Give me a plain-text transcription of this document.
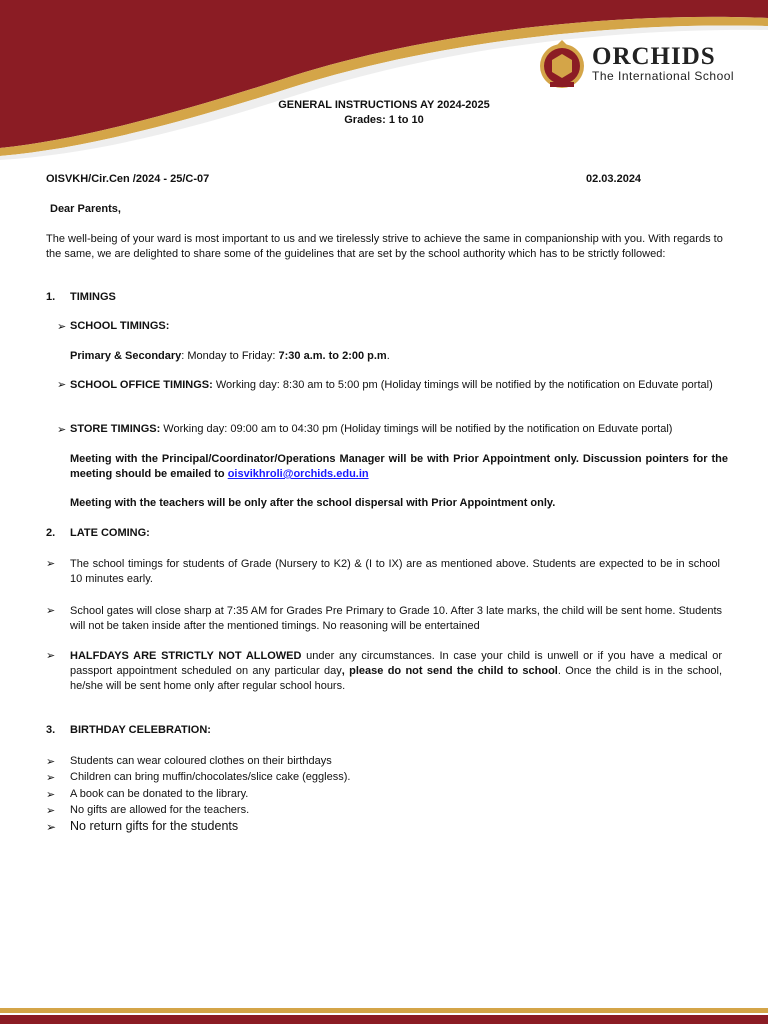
ORCHIDS
The International School
GENERAL INSTRUCTIONS AY 2024-2025
Grades: 1 to 10
OISVKH/Cir.Cen /2024 - 25/C-07	02.03.2024
Dear Parents,
The well-being of your ward is most important to us and we tirelessly strive to achieve the same in companionship with you. With regards to the same, we are delighted to share some of the guidelines that are set by the school authority which has to be strictly followed:
1. TIMINGS
➢ SCHOOL TIMINGS:
Primary & Secondary: Monday to Friday: 7:30 a.m. to 2:00 p.m.
➢ SCHOOL OFFICE TIMINGS: Working day: 8:30 am to 5:00 pm (Holiday timings will be notified by the notification on Eduvate portal)
➢ STORE TIMINGS: Working day: 09:00 am to 04:30 pm (Holiday timings will be notified by the notification on Eduvate portal)
Meeting with the Principal/Coordinator/Operations Manager will be with Prior Appointment only. Discussion pointers for the meeting should be emailed to oisvikhroli@orchids.edu.in
Meeting with the teachers will be only after the school dispersal with Prior Appointment only.
2. LATE COMING:
➢ The school timings for students of Grade (Nursery to K2) & (I to IX) are as mentioned above. Students are expected to be in school 10 minutes early.
➢ School gates will close sharp at 7:35 AM for Grades Pre Primary to Grade 10. After 3 late marks, the child will be sent home. Students will not be taken inside after the mentioned timings. No reasoning will be entertained
➢ HALFDAYS ARE STRICTLY NOT ALLOWED under any circumstances. In case your child is unwell or if you have a medical or passport appointment scheduled on any particular day, please do not send the child to school. Once the child is in the school, he/she will be sent home only after regular school hours.
3. BIRTHDAY CELEBRATION:
➢ Students can wear coloured clothes on their birthdays
➢ Children can bring muffin/chocolates/slice cake (eggless).
➢ A book can be donated to the library.
➢ No gifts are allowed for the teachers.
➢ No return gifts for the students
